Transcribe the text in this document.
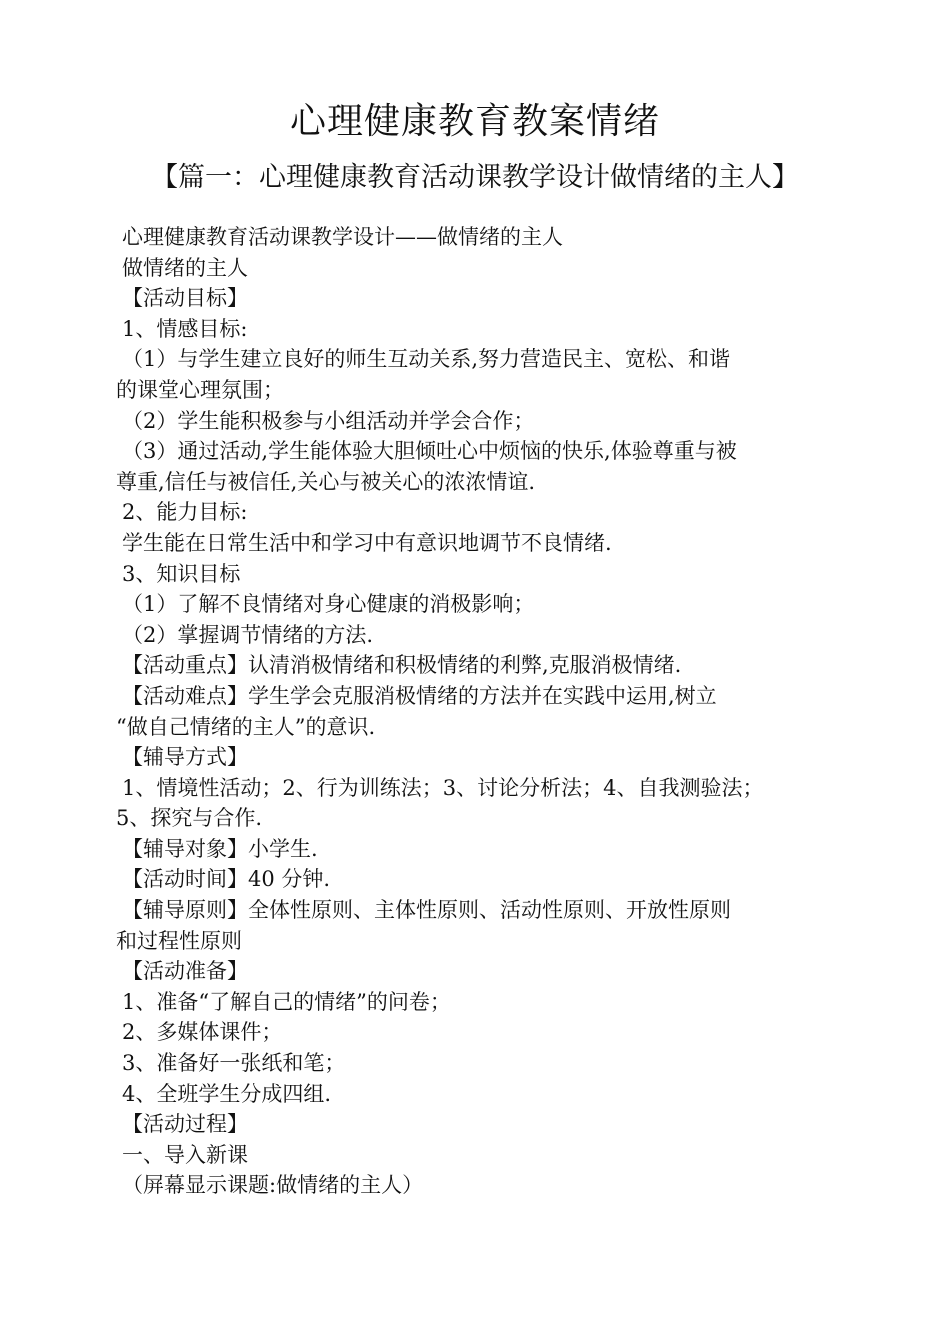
心理健康教育教案情绪
【篇一：心理健康教育活动课教学设计做情绪的主人】
心理健康教育活动课教学设计——做情绪的主人
做情绪的主人
【活动目标】
1、情感目标:
（1）与学生建立良好的师生互动关系,努力营造民主、宽松、和谐
的课堂心理氛围；
（2）学生能积极参与小组活动并学会合作；
（3）通过活动,学生能体验大胆倾吐心中烦恼的快乐,体验尊重与被
尊重,信任与被信任,关心与被关心的浓浓情谊.
2、能力目标:
学生能在日常生活中和学习中有意识地调节不良情绪.
3、知识目标
（1）了解不良情绪对身心健康的消极影响；
（2）掌握调节情绪的方法.
【活动重点】认清消极情绪和积极情绪的利弊,克服消极情绪.
【活动难点】学生学会克服消极情绪的方法并在实践中运用,树立
“做自己情绪的主人”的意识.
【辅导方式】
1、情境性活动；2、行为训练法；3、讨论分析法；4、自我测验法；
5、探究与合作.
【辅导对象】小学生.
【活动时间】40 分钟.
【辅导原则】全体性原则、主体性原则、活动性原则、开放性原则
和过程性原则
【活动准备】
1、准备“了解自己的情绪”的问卷；
2、多媒体课件；
3、准备好一张纸和笔；
4、全班学生分成四组.
【活动过程】
一、导入新课
（屏幕显示课题:做情绪的主人）
